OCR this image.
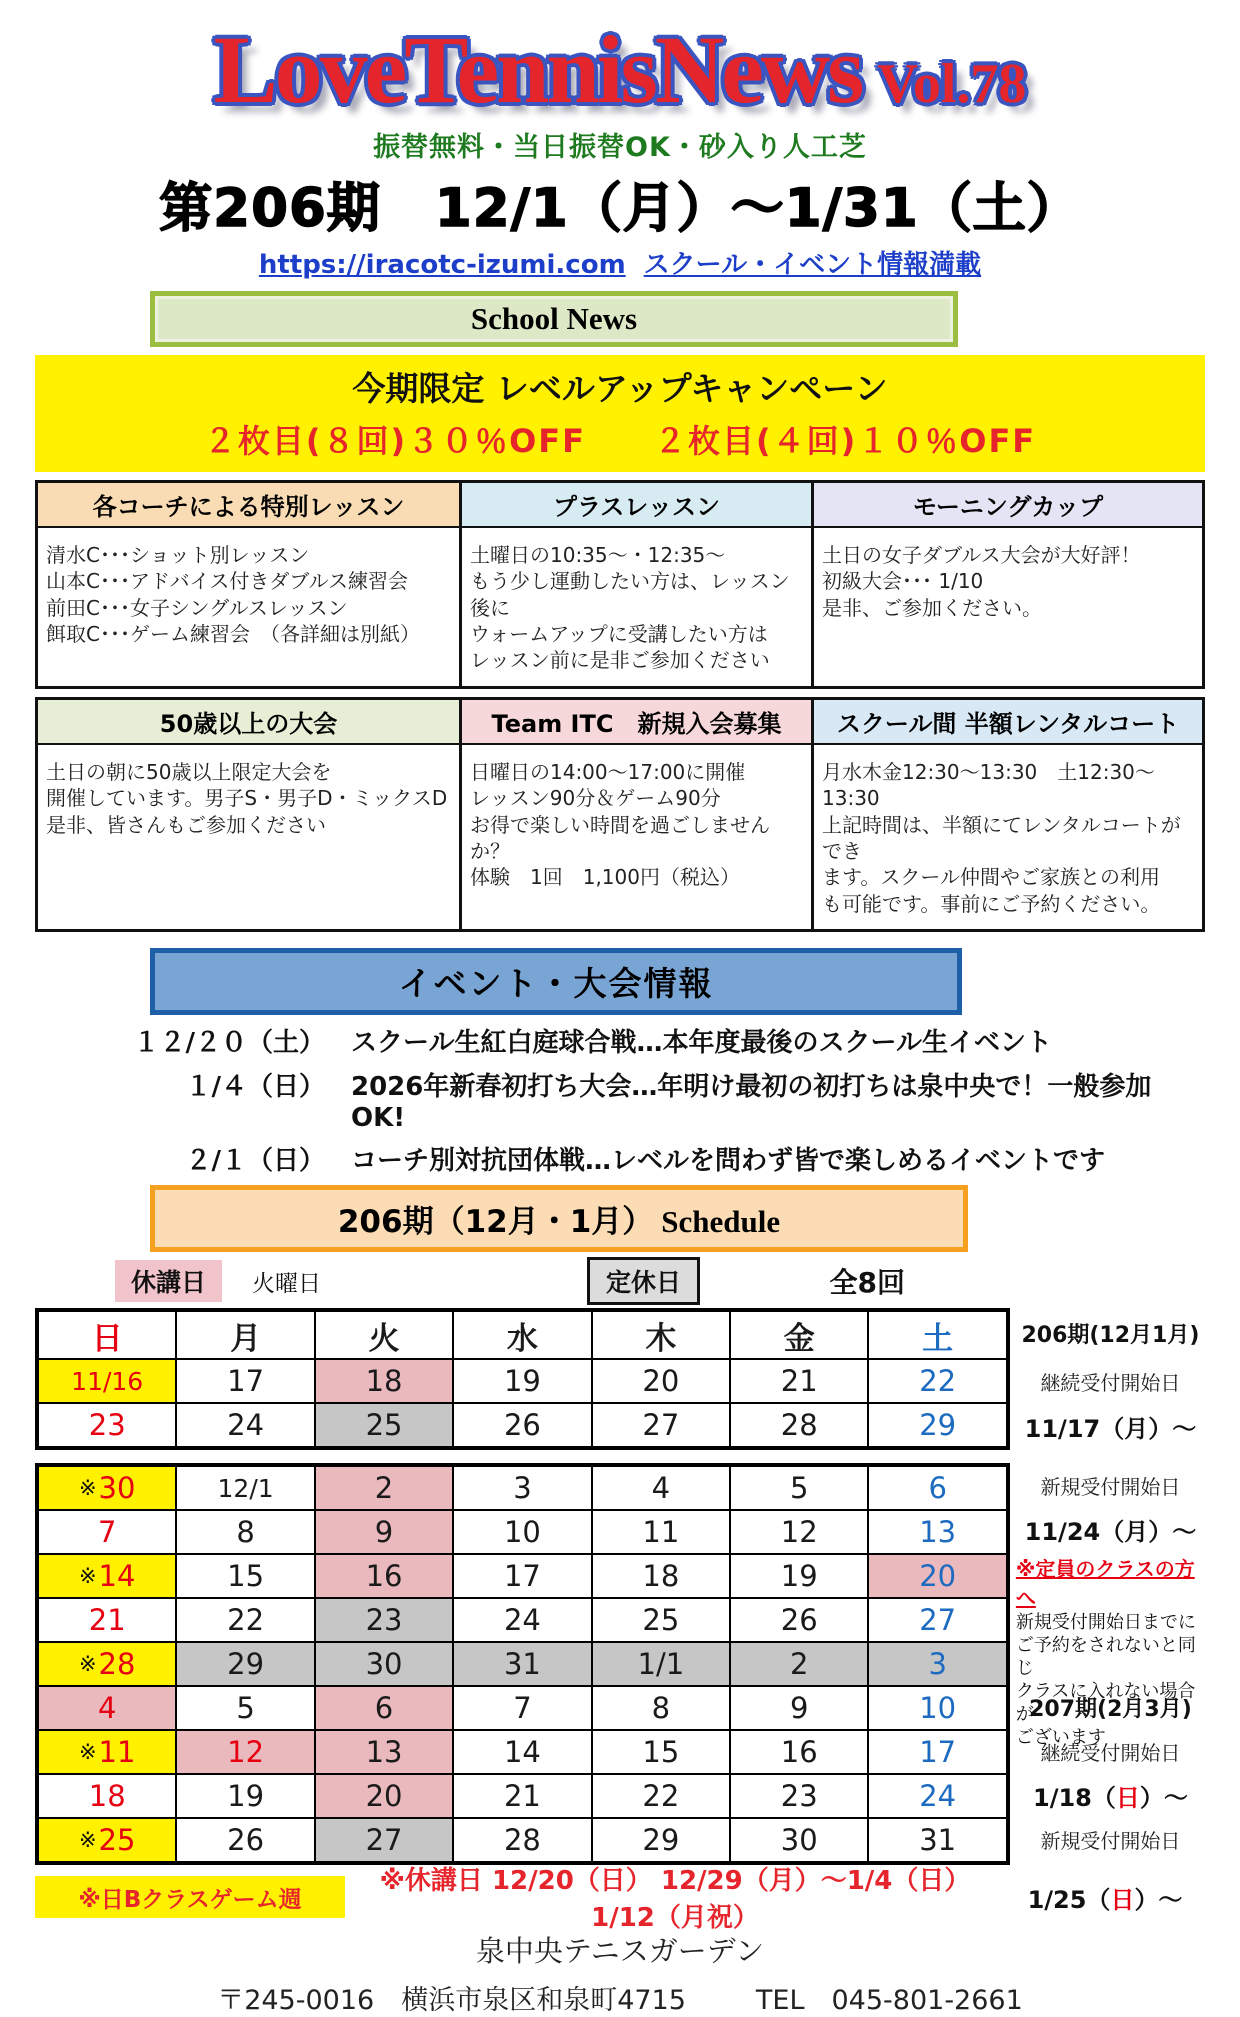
LoveTennisNews Vol.78
振替無料・当日振替OK・砂入り人工芝
第206期　12/1（月）～1/31（土）
https://iracotc-izumi.com スクール・イベント情報満載
School News
今期限定 レベルアップキャンペーン
２枚目(８回)３０％OFF　　２枚目(４回)１０％OFF
各コーチによる特別レッスン
清水C･･･ショット別レッスン
山本C･･･アドバイス付きダブルス練習会
前田C･･･女子シングルスレッスン
餌取C･･･ゲーム練習会　（各詳細は別紙）
プラスレッスン
土曜日の10:35～・12:35～
もう少し運動したい方は、レッスン後に
ウォームアップに受講したい方は
レッスン前に是非ご参加ください
モーニングカップ
土日の女子ダブルス大会が大好評！
初級大会･･･ 1/10
是非、ご参加ください。
50歳以上の大会
土日の朝に50歳以上限定大会を
開催しています。男子S・男子D・ミックスD
是非、皆さんもご参加ください
Team ITC　新規入会募集
日曜日の14:00～17:00に開催
レッスン90分＆ゲーム90分
お得で楽しい時間を過ごしませんか？
体験　1回　1,100円（税込）
スクール間 半額レンタルコート
月水木金12:30～13:30　土12:30～13:30
上記時間は、半額にてレンタルコートができ
ます。スクール仲間やご家族との利用
も可能です。事前にご予約ください。
イベント・大会情報
１２/２０（土） スクール生紅白庭球合戦…本年度最後のスクール生イベント
１/４（日） 2026年新春初打ち大会…年明け最初の初打ちは泉中央で！一般参加OK!
２/１（日） コーチ別対抗団体戦…レベルを問わず皆で楽しめるイベントです
206期（12月・1月） Schedule
休講日	火曜日	定休日	全8回
日	月	火	水	木	金	土
11/16	17	18	19	20	21	22
23	24	25	26	27	28	29
※ 30	12/1	2	3	4	5	6
7	8	9	10	11	12	13
※ 14	15	16	17	18	19	20
21	22	23	24	25	26	27
※ 28	29	30	31	1/1	2	3
4	5	6	7	8	9	10
※ 11	12	13	14	15	16	17
18	19	20	21	22	23	24
※ 25	26	27	28	29	30	31
206期(12月1月)
継続受付開始日
11/17（月）～
新規受付開始日
11/24（月）～
※定員のクラスの方へ
新規受付開始日までに
ご予約をされないと同じ
クラスに入れない場合が
ございます
207期(2月3月)
継続受付開始日
1/18（ 日 ）～
新規受付開始日
※日Bクラスゲーム週
※休講日 12/20（日） 12/29（月）～1/4（日） 1/12（月祝）
1/25（日）～
泉中央テニスガーデン
〒245-0016　横浜市泉区和泉町4715	TEL　045-801-2661
